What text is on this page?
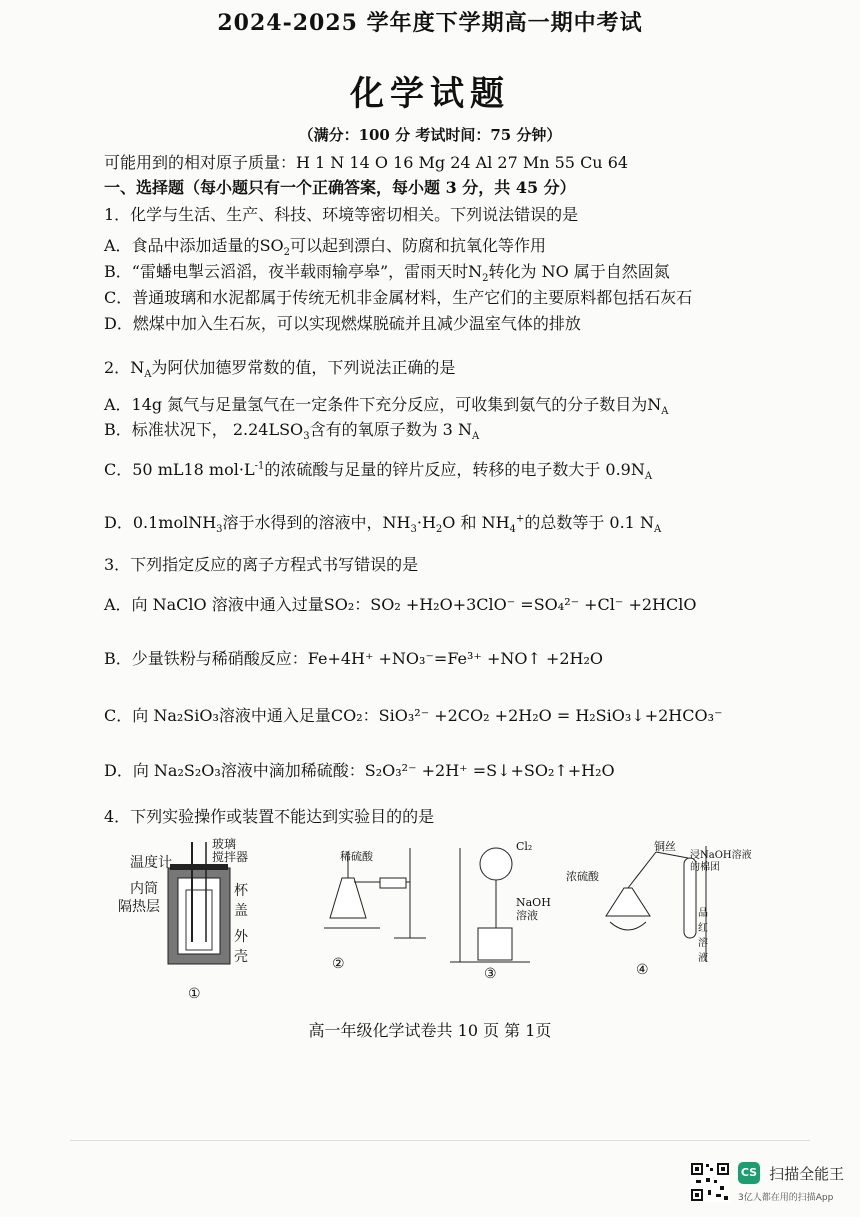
2024-2025 学年度下学期高一期中考试
化学试题
（满分：100 分 考试时间：75 分钟）
可能用到的相对原子质量：H 1 N 14 O 16 Mg 24 Al 27 Mn 55 Cu 64
一、选择题（每小题只有一个正确答案，每小题 3 分，共 45 分）
1．化学与生活、生产、科技、环境等密切相关。下列说法错误的是
A．食品中添加适量的$SO_2$可以起到漂白、防腐和抗氧化等作用
B．“雷蟠电掣云滔滔，夜半载雨输亭皋”，雷雨天时$N_2$转化为 NO 属于自然固氮
C．普通玻璃和水泥都属于传统无机非金属材料，生产它们的主要原料都包括石灰石
D．燃煤中加入生石灰，可以实现燃煤脱硫并且减少温室气体的排放
2．$N_A$为阿伏加德罗常数的值，下列说法正确的是
A．14g 氮气与足量氢气在一定条件下充分反应，可收集到氨气的分子数目为$N_A$
B．标准状况下， $2.24LSO_3$含有的氧原子数为 3 $N_A$
C．50 mL18 $mol\cdot L^{-1}$的浓硫酸与足量的锌片反应，转移的电子数大于 $0.9N_A$
D．0.1molNH$_3$溶于水得到的溶液中，$NH_3\cdot H_2O$ 和 $NH_4^+$的总数等于 0.1 $N_A$
3．下列指定反应的离子方程式书写错误的是
A．向 NaClO 溶液中通入过量SO₂：SO₂ +H₂O+3ClO⁻ =SO₄²⁻ +Cl⁻ +2HClO
B．少量铁粉与稀硝酸反应：Fe+4H⁺ +NO₃⁻=Fe³⁺ +NO↑ +2H₂O
C．向 Na₂SiO₃溶液中通入足量CO₂：SiO₃²⁻ +2CO₂ +2H₂O = H₂SiO₃↓+2HCO₃⁻
D．向 Na₂S₂O₃溶液中滴加稀硫酸：S₂O₃²⁻ +2H⁺ =S↓+SO₂↑+H₂O
4．下列实验操作或装置不能达到实验目的的是
温度计
玻璃
搅拌器
内筒	杯盖
隔热层
外壳
①
稀硫酸
②
Cl₂
NaOH
溶液
③
铜丝
浓硫酸
浸NaOH溶液
的棉团
品红溶液
④
高一年级化学试卷共 10 页 第 1页
CS 扫描全能王
3亿人都在用的扫描App
